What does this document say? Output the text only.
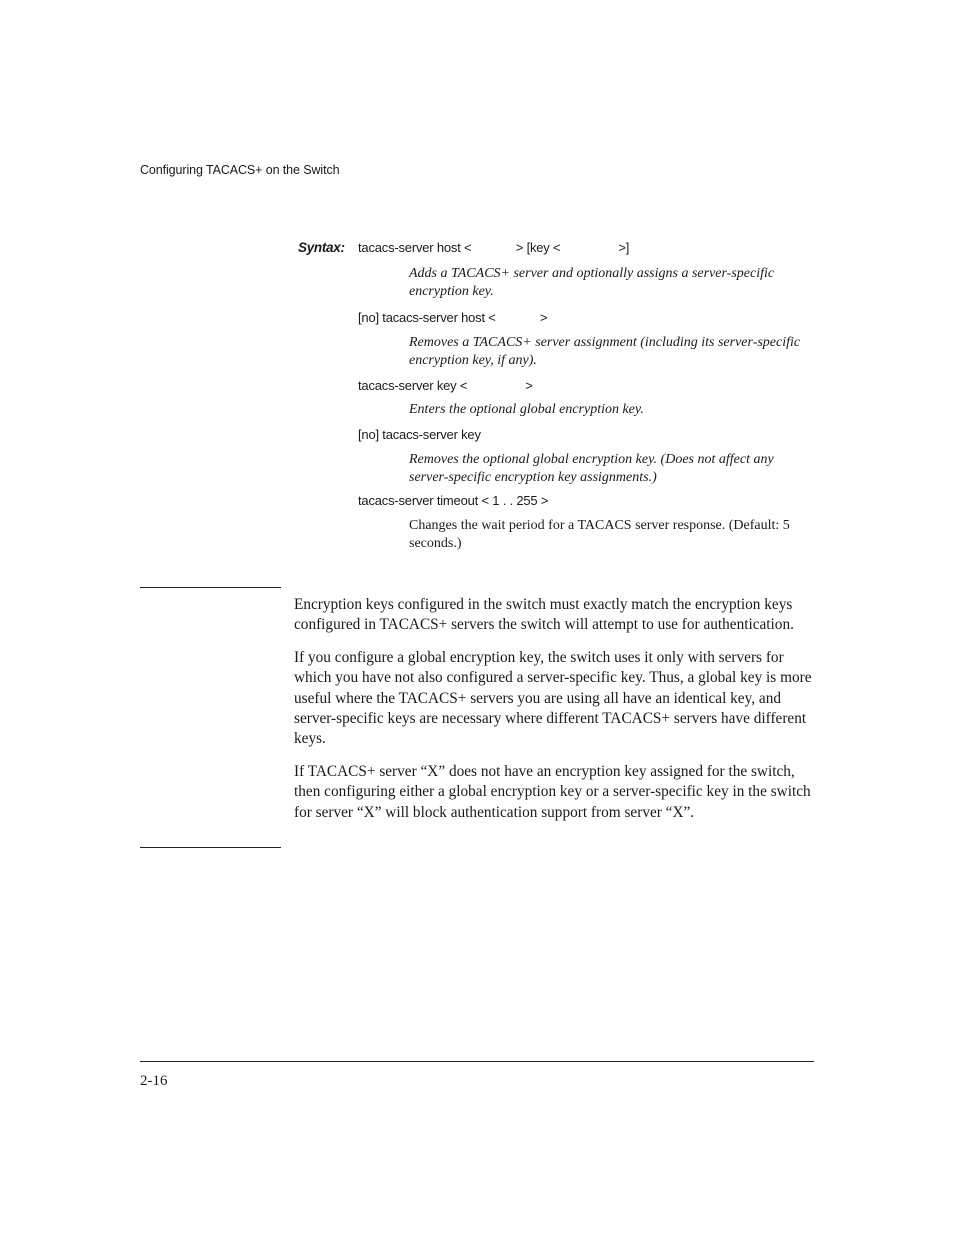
Configuring TACACS+ on the Switch
Syntax: tacacs-server host <             > [key <                 >]
Adds a TACACS+ server and optionally assigns a server-specific encryption key.
[no] tacacs-server host <             >
Removes a TACACS+ server assignment (including its server-specific encryption key, if any).
tacacs-server key <                 >
Enters the optional global encryption key.
[no] tacacs-server key
Removes the optional global encryption key. (Does not affect any server-specific encryption key assignments.)
tacacs-server timeout < 1 . . 255 >
Changes the wait period for a TACACS server response. (Default: 5 seconds.)

Encryption keys configured in the switch must exactly match the encryption keys configured in TACACS+ servers the switch will attempt to use for authentication.

If you configure a global encryption key, the switch uses it only with servers for which you have not also configured a server-specific key. Thus, a global key is more useful where the TACACS+ servers you are using all have an identical key, and server-specific keys are necessary where different TACACS+ servers have different keys.

If TACACS+ server “X” does not have an encryption key assigned for the switch, then configuring either a global encryption key or a server-specific key in the switch for server “X” will block authentication support from server “X”.

2-16
